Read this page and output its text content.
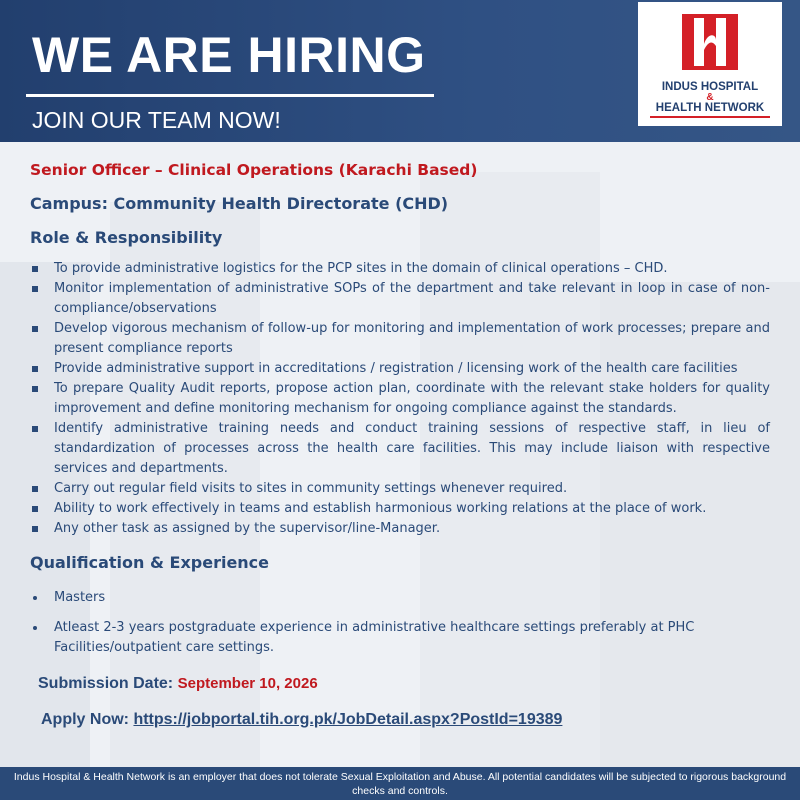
WE ARE HIRING
JOIN OUR TEAM NOW!
INDUS HOSPITAL
&
HEALTH NETWORK
Senior Officer – Clinical Operations (Karachi Based)
Campus: Community Health Directorate (CHD)
Role & Responsibility
To provide administrative logistics for the PCP sites in the domain of clinical operations – CHD.
Monitor implementation of administrative SOPs of the department and take relevant in loop in case of non-compliance/observations
Develop vigorous mechanism of follow-up for monitoring and implementation of work processes; prepare and present compliance reports
Provide administrative support in accreditations / registration / licensing work of the health care facilities
To prepare Quality Audit reports, propose action plan, coordinate with the relevant stake holders for quality improvement and define monitoring mechanism for ongoing compliance against the standards.
Identify administrative training needs and conduct training sessions of respective staff, in lieu of standardization of processes across the health care facilities. This may include liaison with respective services and departments.
Carry out regular field visits to sites in community settings whenever required.
Ability to work effectively in teams and establish harmonious working relations at the place of work.
Any other task as assigned by the supervisor/line-Manager.
Qualification & Experience
Masters
Atleast 2-3 years postgraduate experience in administrative healthcare settings preferably at PHC Facilities/outpatient care settings.
Submission Date: September 10, 2026
Apply Now: https://jobportal.tih.org.pk/JobDetail.aspx?PostId=19389
Indus Hospital & Health Network is an employer that does not tolerate Sexual Exploitation and Abuse. All potential candidates will be subjected to rigorous background checks and controls.
